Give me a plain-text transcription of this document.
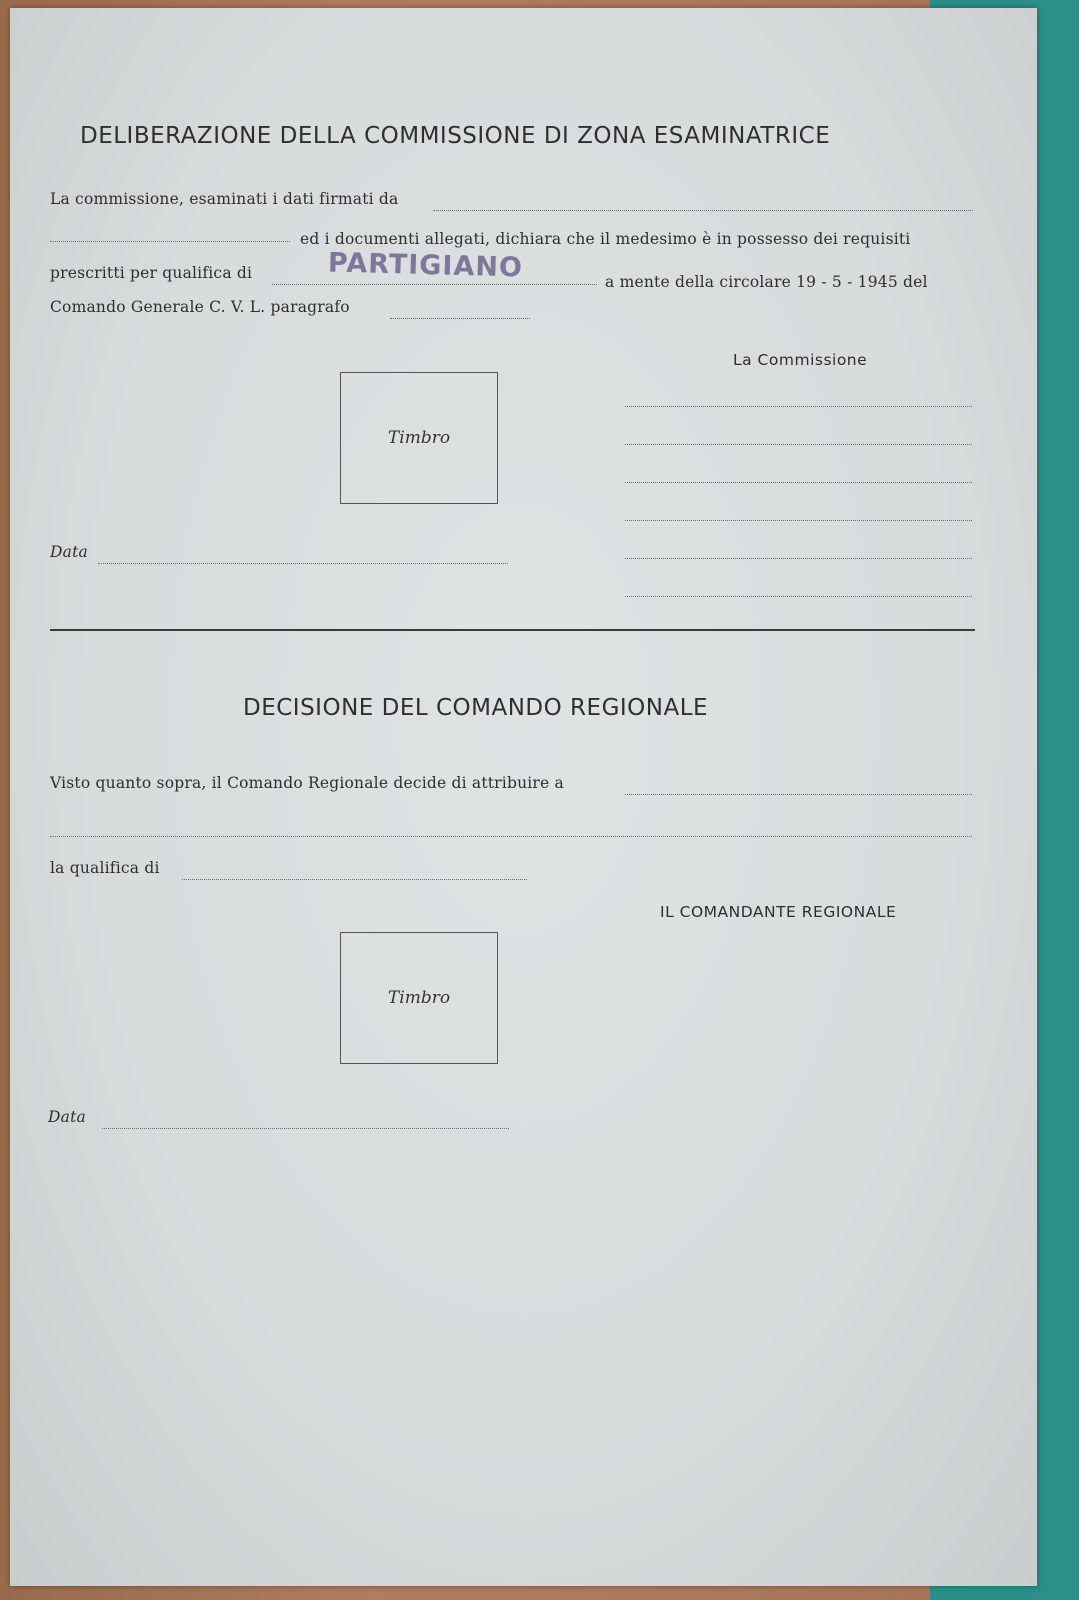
DELIBERAZIONE DELLA COMMISSIONE DI ZONA ESAMINATRICE
La commissione, esaminati i dati firmati da
ed i documenti allegati, dichiara che il medesimo è in possesso dei requisiti
prescritti per qualifica di	PARTIGIANO	a mente della circolare 19 - 5 - 1945 del
Comando Generale C. V. L. paragrafo
La Commissione
Timbro
Data
DECISIONE DEL COMANDO REGIONALE
Visto quanto sopra, il Comando Regionale decide di attribuire a
la qualifica di
IL COMANDANTE REGIONALE
Timbro
Data
